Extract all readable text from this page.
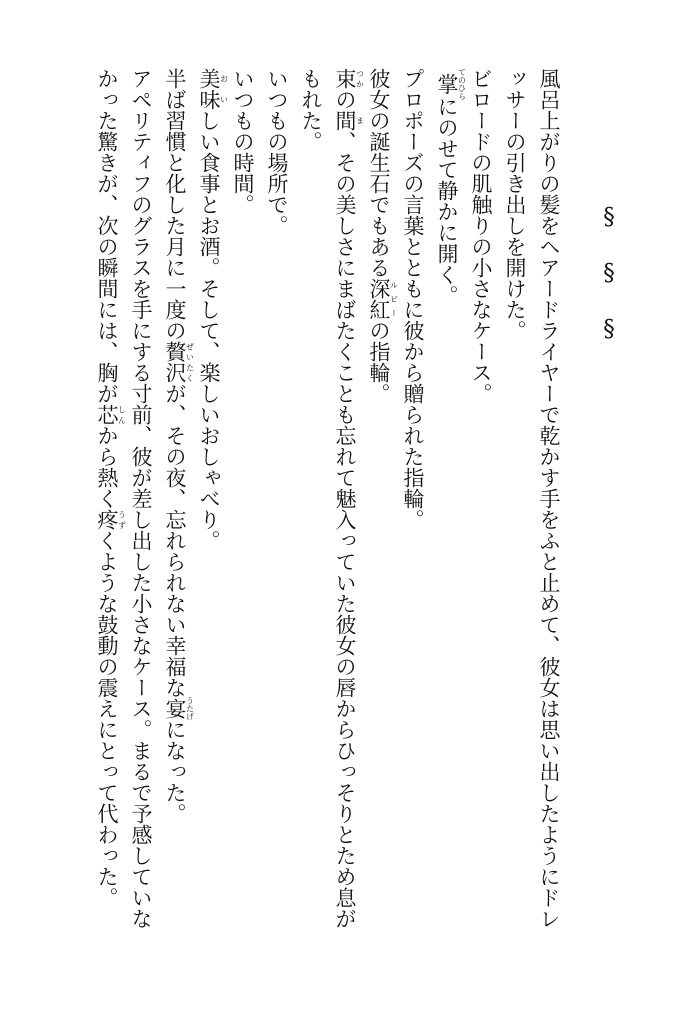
§§§
風呂上がりの髪をヘアードライヤーで乾かす手をふと止めて、彼女は思い出したようにドレ
ッサーの引き出しを開けた。
ビロードの肌触りの小さなケース。
掌てのひらにのせて静かに開く。
プロポーズの言葉とともに彼から贈られた指輪。
彼女の誕生石でもある深紅ルビーの指輪。
束つかの間ま、その美しさにまばたくことも忘れて魅入っていた彼女の唇からひっそりとため息が
もれた。
いつもの場所で。
いつもの時間。
美お味いしい食事とお酒。そして、楽しいおしゃべり。
半ば習慣と化した月に一度の贅沢ぜいたくが、その夜、忘れられない幸福な宴うたげになった。
アペリティフのグラスを手にする寸前、彼が差し出した小さなケース。まるで予感していな
かった驚きが、次の瞬間には、胸が芯しんから熱く疼うずくような鼓動の震えにとって代わった。
